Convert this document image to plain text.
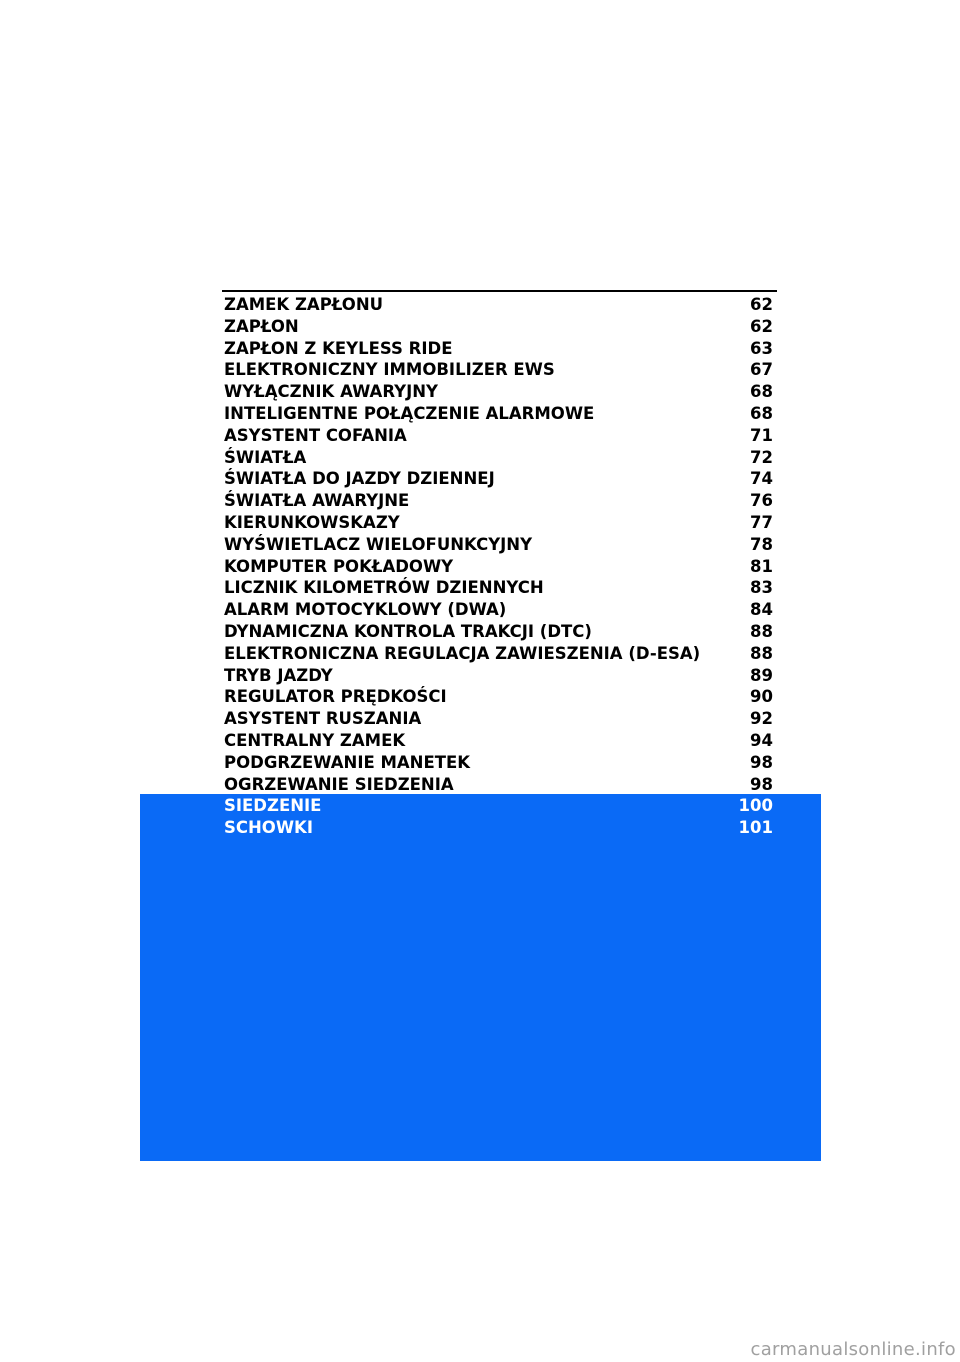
ZAMEK ZAPŁONU	62
ZAPŁON	62
ZAPŁON Z KEYLESS RIDE	63
ELEKTRONICZNY IMMOBILIZER EWS	67
WYŁĄCZNIK AWARYJNY	68
INTELIGENTNE POŁĄCZENIE ALARMOWE	68
ASYSTENT COFANIA	71
ŚWIATŁA	72
ŚWIATŁA DO JAZDY DZIENNEJ	74
ŚWIATŁA AWARYJNE	76
KIERUNKOWSKAZY	77
WYŚWIETLACZ WIELOFUNKCYJNY	78
KOMPUTER POKŁADOWY	81
LICZNIK KILOMETRÓW DZIENNYCH	83
ALARM MOTOCYKLOWY (DWA)	84
DYNAMICZNA KONTROLA TRAKCJI (DTC)	88
ELEKTRONICZNA REGULACJA ZAWIESZENIA (D-ESA)	88
TRYB JAZDY	89
REGULATOR PRĘDKOŚCI	90
ASYSTENT RUSZANIA	92
CENTRALNY ZAMEK	94
PODGRZEWANIE MANETEK	98
OGRZEWANIE SIEDZENIA	98
SIEDZENIE	100
SCHOWKI	101
carmanualsonline.info
